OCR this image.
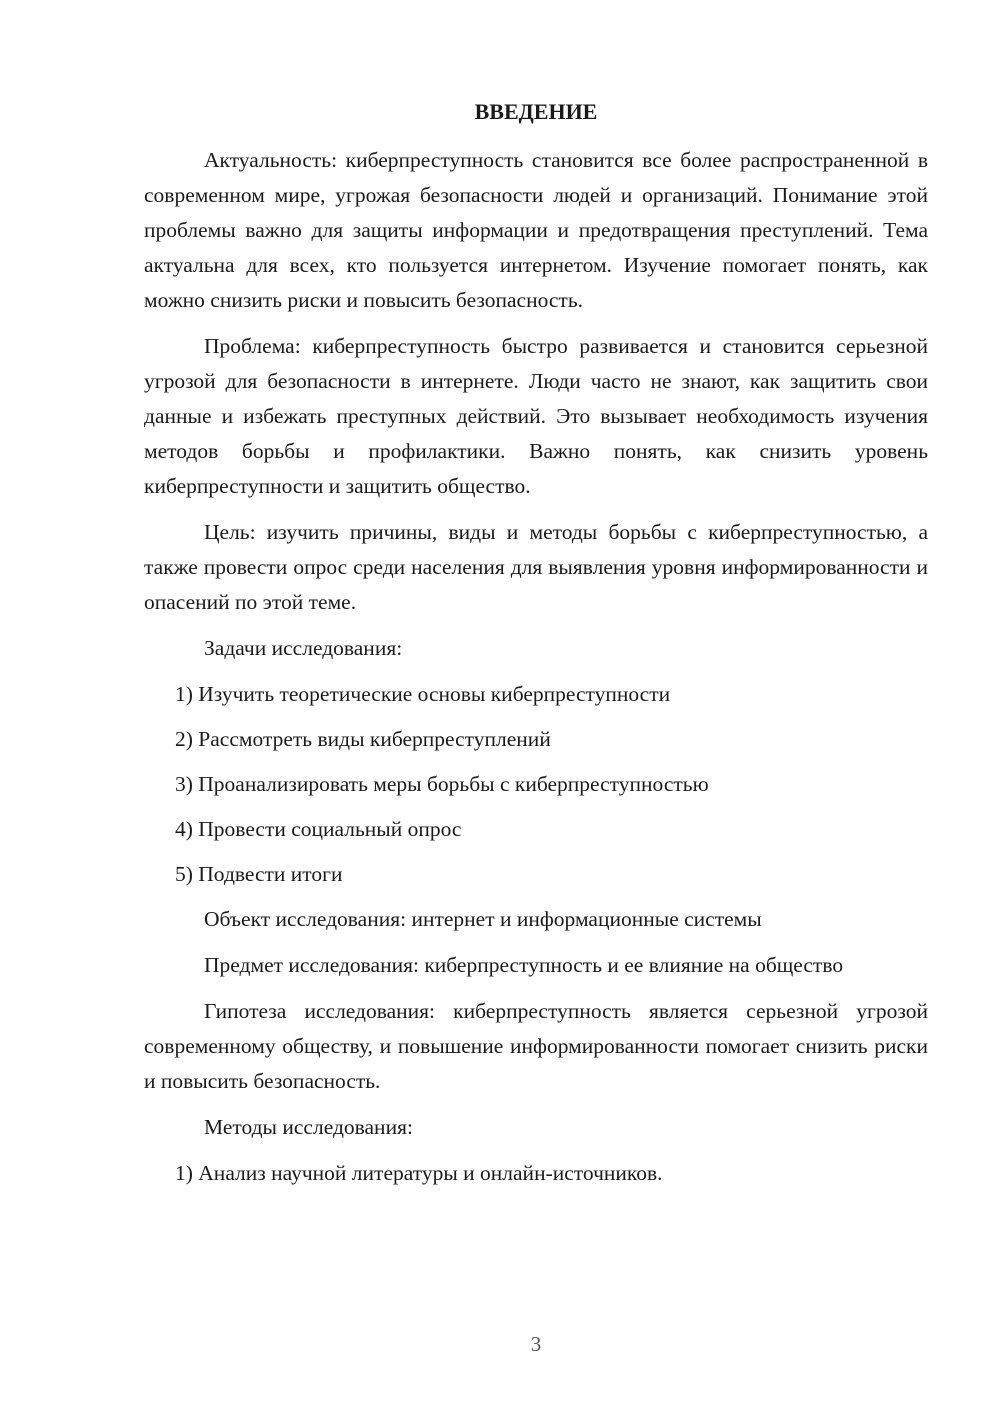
ВВЕДЕНИЕ

Актуальность: киберпреступность становится все более распространенной в современном мире, угрожая безопасности людей и организаций. Понимание этой проблемы важно для защиты информации и предотвращения преступлений. Тема актуальна для всех, кто пользуется интернетом. Изучение помогает понять, как можно снизить риски и повысить безопасность.

Проблема: киберпреступность быстро развивается и становится серьезной угрозой для безопасности в интернете. Люди часто не знают, как защитить свои данные и избежать преступных действий. Это вызывает необходимость изучения методов борьбы и профилактики. Важно понять, как снизить уровень киберпреступности и защитить общество.

Цель: изучить причины, виды и методы борьбы с киберпреступностью, а также провести опрос среди населения для выявления уровня информированности и опасений по этой теме.

Задачи исследования:

1) Изучить теоретические основы киберпреступности
2) Рассмотреть виды киберпреступлений
3) Проанализировать меры борьбы с киберпреступностью
4) Провести социальный опрос
5) Подвести итоги

Объект исследования: интернет и информационные системы

Предмет исследования: киберпреступность и ее влияние на общество

Гипотеза исследования: киберпреступность является серьезной угрозой современному обществу, и повышение информированности помогает снизить риски и повысить безопасность.

Методы исследования:

1) Анализ научной литературы и онлайн-источников.
3
